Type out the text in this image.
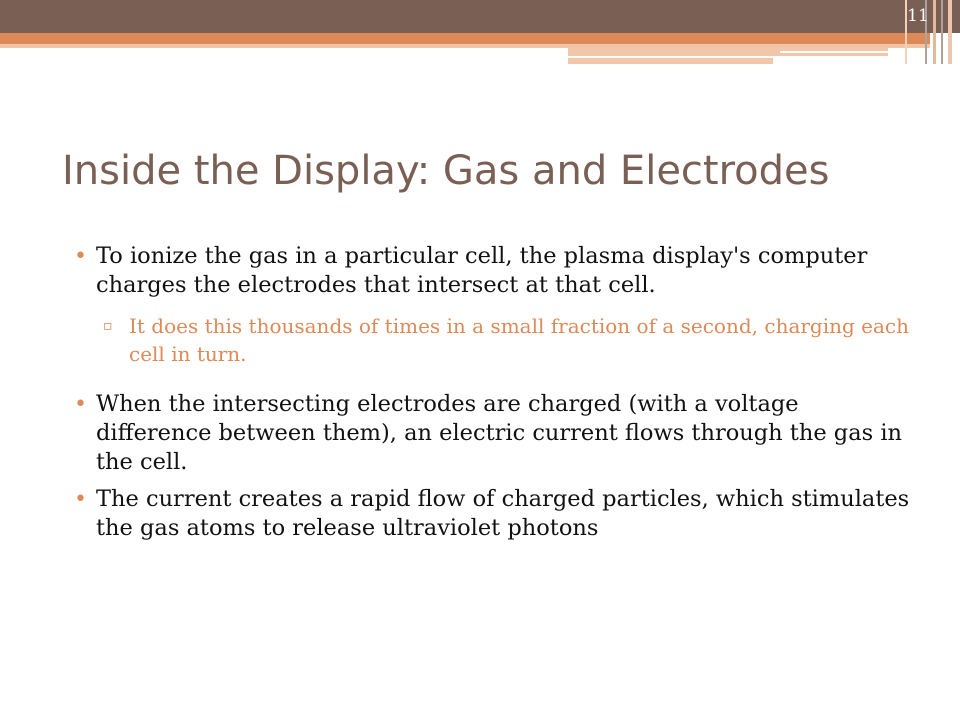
11
Inside the Display: Gas and Electrodes
• To ionize the gas in a particular cell, the plasma display's computer charges the electrodes that intersect at that cell.
▫ It does this thousands of times in a small fraction of a second, charging each cell in turn.
• When the intersecting electrodes are charged (with a voltage difference between them), an electric current flows through the gas in the cell.
• The current creates a rapid flow of charged particles, which stimulates the gas atoms to release ultraviolet photons
